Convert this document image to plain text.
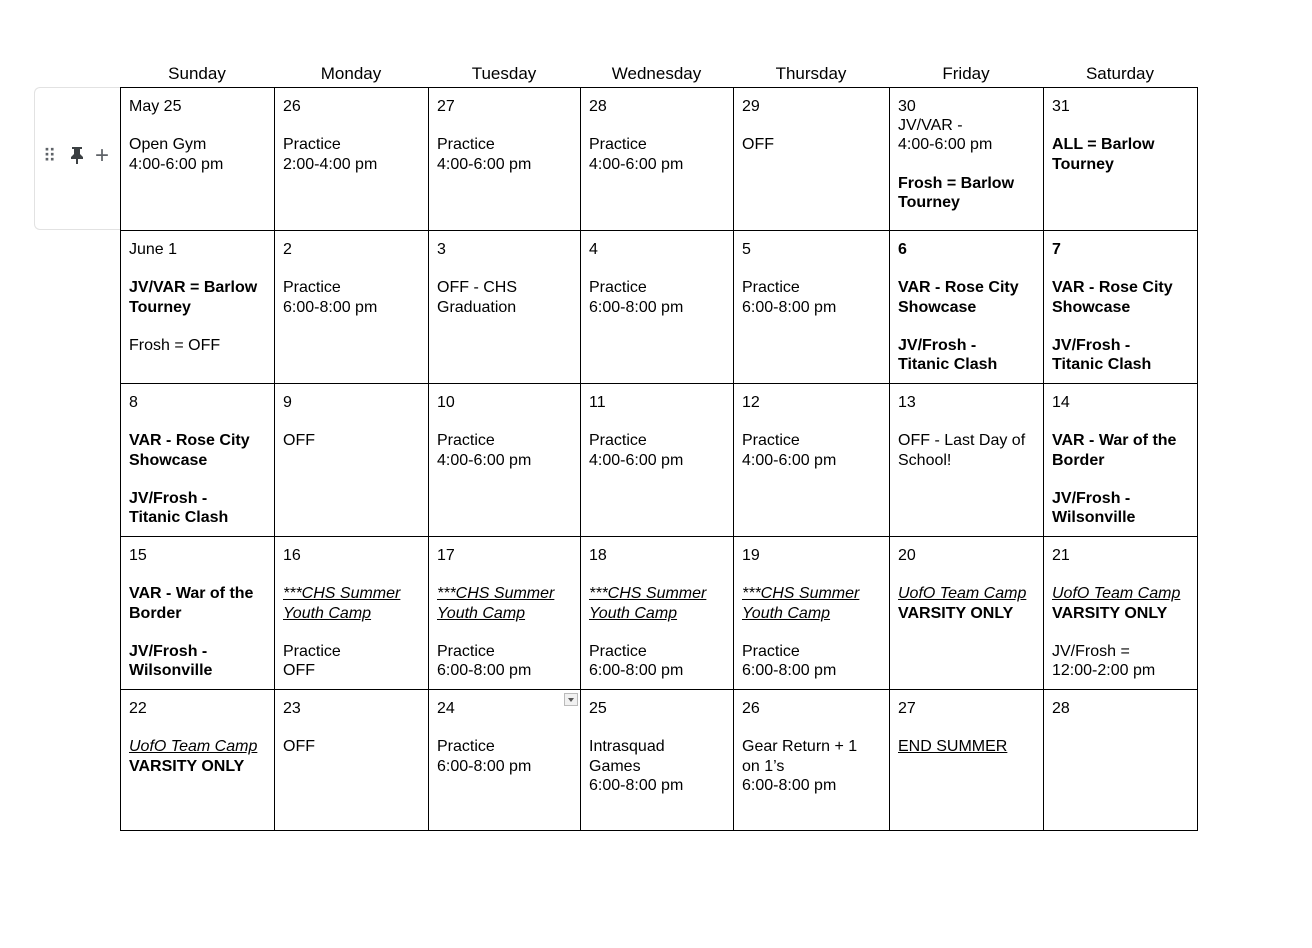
⠿ +
Sunday	Monday	Tuesday	Wednesday	Thursday	Friday	Saturday
May 25
Open Gym
4:00-6:00 pm	26
Practice
2:00-4:00 pm	27
Practice
4:00-6:00 pm	28
Practice
4:00-6:00 pm	29
OFF	30
JV/VAR -
4:00-6:00 pm
Frosh = Barlow
Tourney	31
ALL = Barlow
Tourney

June 1
JV/VAR = Barlow
Tourney
Frosh = OFF	2
Practice
6:00-8:00 pm	3
OFF - CHS
Graduation	4
Practice
6:00-8:00 pm	5
Practice
6:00-8:00 pm	6
VAR - Rose City
Showcase
JV/Frosh -
Titanic Clash	7
VAR - Rose City
Showcase
JV/Frosh -
Titanic Clash

8
VAR - Rose City
Showcase
JV/Frosh -
Titanic Clash	9
OFF	10
Practice
4:00-6:00 pm	11
Practice
4:00-6:00 pm	12
Practice
4:00-6:00 pm	13
OFF - Last Day of
School!	14
VAR - War of the
Border
JV/Frosh -
Wilsonville

15
VAR - War of the
Border
JV/Frosh -
Wilsonville	16
***CHS Summer
Youth Camp
Practice
OFF	17
***CHS Summer
Youth Camp
Practice
6:00-8:00 pm	18
***CHS Summer
Youth Camp
Practice
6:00-8:00 pm	19
***CHS Summer
Youth Camp
Practice
6:00-8:00 pm	20
UofO Team Camp
VARSITY ONLY	21
UofO Team Camp
VARSITY ONLY
JV/Frosh =
12:00-2:00 pm

22
UofO Team Camp
VARSITY ONLY	23
OFF	24
Practice
6:00-8:00 pm	25
Intrasquad
Games
6:00-8:00 pm	26
Gear Return + 1
on 1’s
6:00-8:00 pm	27
END SUMMER	28
